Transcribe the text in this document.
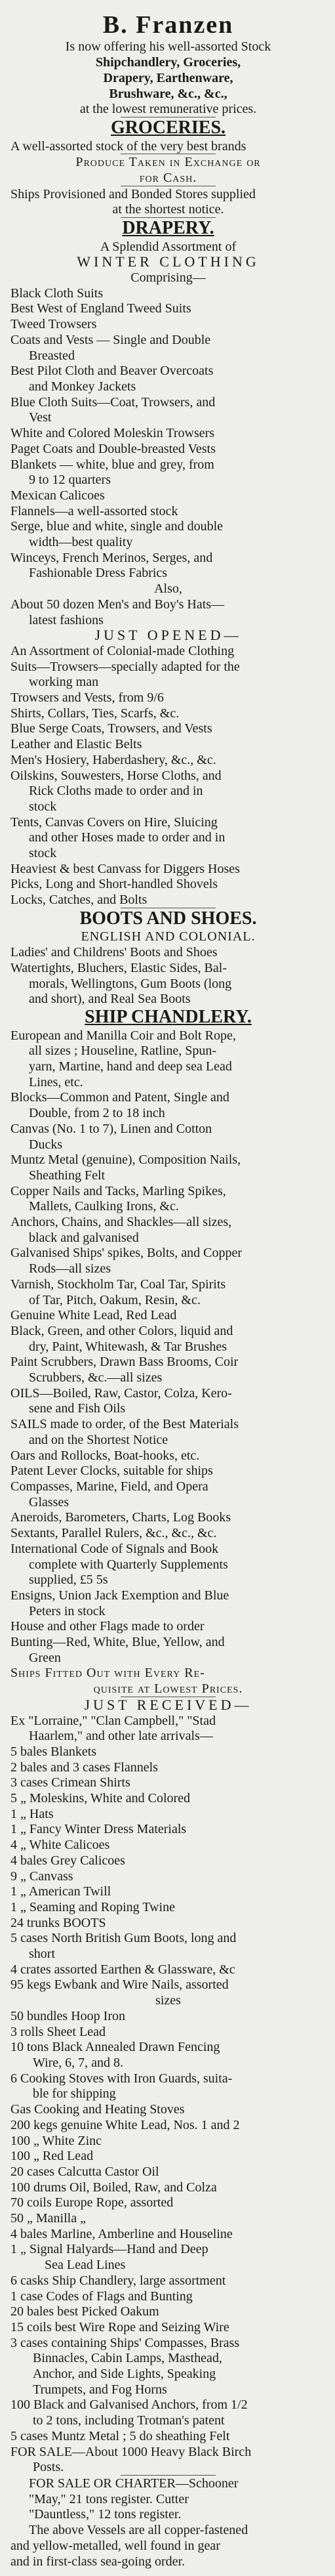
B. Franzen
Is now offering his well-assorted Stock
Shipchandlery, Groceries,
Drapery, Earthenware,
Brushware, &c., &c.,
at the lowest remunerative prices.
GROCERIES.
A well-assorted stock of the very best brands
Produce Taken in Exchange or
for Cash.
Ships Provisioned and Bonded Stores supplied
at the shortest notice.
DRAPERY.
A Splendid Assortment of
WINTER CLOTHING
Comprising—
Black Cloth Suits
Best West of England Tweed Suits
Tweed Trowsers
Coats and Vests — Single and Double
Breasted
Best Pilot Cloth and Beaver Overcoats
and Monkey Jackets
Blue Cloth Suits—Coat, Trowsers, and
Vest
White and Colored Moleskin Trowsers
Paget Coats and Double-breasted Vests
Blankets — white, blue and grey, from
9 to 12 quarters
Mexican Calicoes
Flannels—a well-assorted stock
Serge, blue and white, single and double
width—best quality
Winceys, French Merinos, Serges, and
Fashionable Dress Fabrics
Also,
About 50 dozen Men's and Boy's Hats—
latest fashions
JUST OPENED—
An Assortment of Colonial-made Clothing
Suits—Trowsers—specially adapted for the
working man
Trowsers and Vests, from 9/6
Shirts, Collars, Ties, Scarfs, &c.
Blue Serge Coats, Trowsers, and Vests
Leather and Elastic Belts
Men's Hosiery, Haberdashery, &c., &c.
Oilskins, Souwesters, Horse Cloths, and
Rick Cloths made to order and in
stock
Tents, Canvas Covers on Hire, Sluicing
and other Hoses made to order and in
stock
Heaviest & best Canvass for Diggers Hoses
Picks, Long and Short-handled Shovels
Locks, Catches, and Bolts
BOOTS AND SHOES.
ENGLISH AND COLONIAL.
Ladies' and Childrens' Boots and Shoes
Watertights, Bluchers, Elastic Sides, Bal-
morals, Wellingtons, Gum Boots (long
and short), and Real Sea Boots
SHIP CHANDLERY.
European and Manilla Coir and Bolt Rope,
all sizes ; Houseline, Ratline, Spun-
yarn, Martine, hand and deep sea Lead
Lines, etc.
Blocks—Common and Patent, Single and
Double, from 2 to 18 inch
Canvas (No. 1 to 7), Linen and Cotton
Ducks
Muntz Metal (genuine), Composition Nails,
Sheathing Felt
Copper Nails and Tacks, Marling Spikes,
Mallets, Caulking Irons, &c.
Anchors, Chains, and Shackles—all sizes,
black and galvanised
Galvanised Ships' spikes, Bolts, and Copper
Rods—all sizes
Varnish, Stockholm Tar, Coal Tar, Spirits
of Tar, Pitch, Oakum, Resin, &c.
Genuine White Lead, Red Lead
Black, Green, and other Colors, liquid and
dry, Paint, Whitewash, & Tar Brushes
Paint Scrubbers, Drawn Bass Brooms, Coir
Scrubbers, &c.—all sizes
OILS—Boiled, Raw, Castor, Colza, Kero-
sene and Fish Oils
SAILS made to order, of the Best Materials
and on the Shortest Notice
Oars and Rollocks, Boat-hooks, etc.
Patent Lever Clocks, suitable for ships
Compasses, Marine, Field, and Opera
Glasses
Aneroids, Barometers, Charts, Log Books
Sextants, Parallel Rulers, &c., &c., &c.
International Code of Signals and Book
complete with Quarterly Supplements
supplied, £5 5s
Ensigns, Union Jack Exemption and Blue
Peters in stock
House and other Flags made to order
Bunting—Red, White, Blue, Yellow, and
Green
Ships Fitted Out with Every Re-
quisite at Lowest Prices.
JUST RECEIVED—
Ex "Lorraine," "Clan Campbell," "Stad
Haarlem," and other late arrivals—
5 bales Blankets
2 bales and 3 cases Flannels
3 cases Crimean Shirts
5 „ Moleskins, White and Colored
1 „ Hats
1 „ Fancy Winter Dress Materials
4 „ White Calicoes
4 bales Grey Calicoes
9 „ Canvass
1 „ American Twill
1 „ Seaming and Roping Twine
24 trunks BOOTS
5 cases North British Gum Boots, long and
short
4 crates assorted Earthen & Glassware, &c
95 kegs Ewbank and Wire Nails, assorted
sizes
50 bundles Hoop Iron
3 rolls Sheet Lead
10 tons Black Annealed Drawn Fencing
Wire, 6, 7, and 8.
6 Cooking Stoves with Iron Guards, suita-
ble for shipping
Gas Cooking and Heating Stoves
200 kegs genuine White Lead, Nos. 1 and 2
100 „ White Zinc
100 „ Red Lead
20 cases Calcutta Castor Oil
100 drums Oil, Boiled, Raw, and Colza
70 coils Europe Rope, assorted
50 „ Manilla „
4 bales Marline, Amberline and Houseline
1 „ Signal Halyards—Hand and Deep
Sea Lead Lines
6 casks Ship Chandlery, large assortment
1 case Codes of Flags and Bunting
20 bales best Picked Oakum
15 coils best Wire Rope and Seizing Wire
3 cases containing Ships' Compasses, Brass
Binnacles, Cabin Lamps, Masthead,
Anchor, and Side Lights, Speaking
Trumpets, and Fog Horns
100 Black and Galvanised Anchors, from 1/2
to 2 tons, including Trotman's patent
5 cases Muntz Metal ; 5 do sheathing Felt
FOR SALE—About 1000 Heavy Black Birch
Posts.
FOR SALE OR CHARTER—Schooner
"May," 21 tons register. Cutter
"Dauntless," 12 tons register.
The above Vessels are all copper-fastened
and yellow-metalled, well found in gear
and in first-class sea-going order.
